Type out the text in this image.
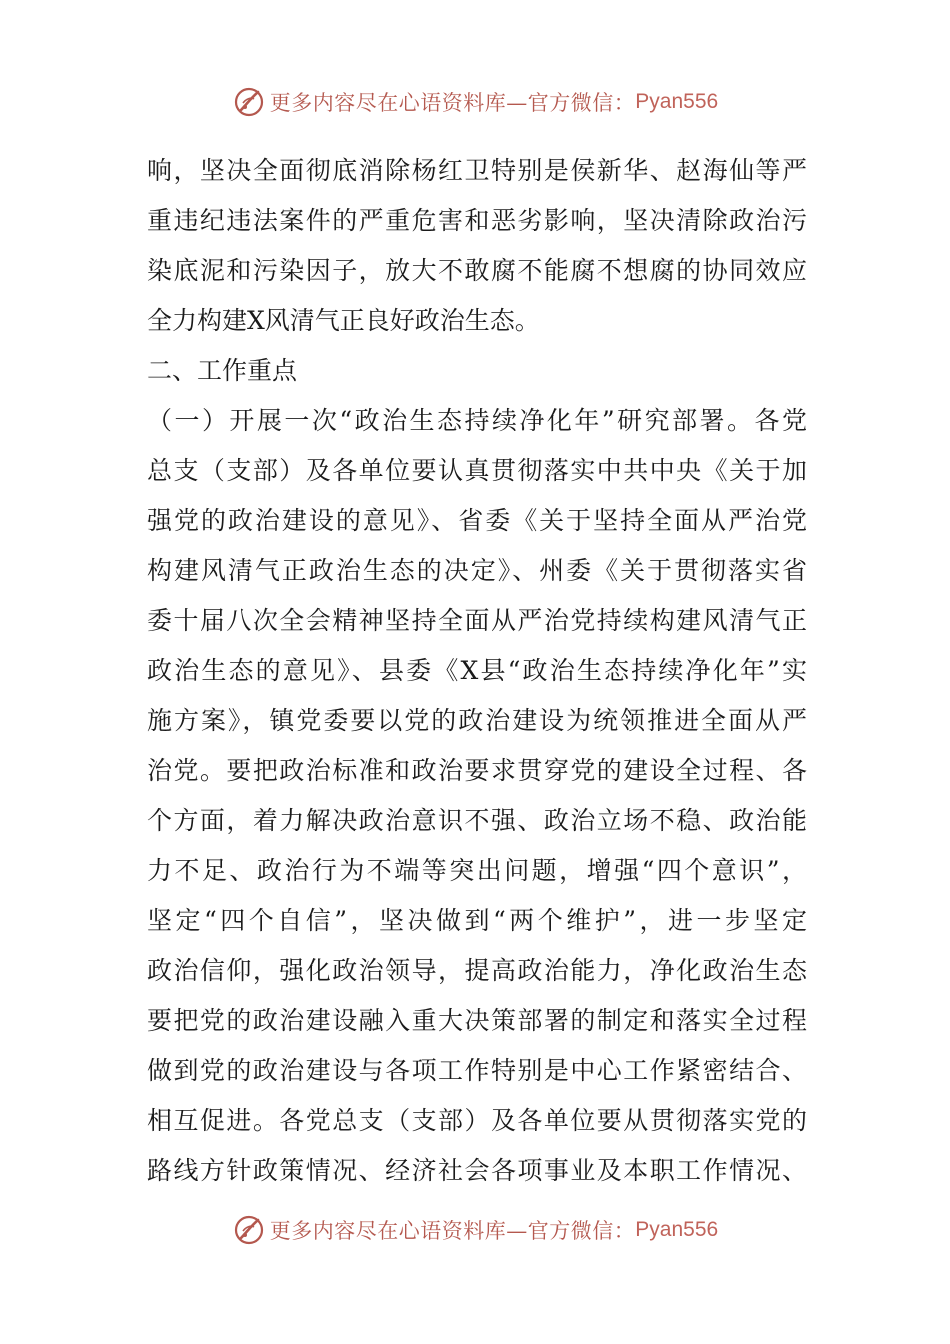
更多内容尽在心语资料库—官方微信： Pyan556
响，坚决全面彻底消除杨红卫特别是侯新华、赵海仙等严
重违纪违法案件的严重危害和恶劣影响，坚决清除政治污
染底泥和污染因子，放大不敢腐不能腐不想腐的协同效应
全力构建X风清气正良好政治生态。
二、工作重点
（一）开展一次“政治生态持续净化年”研究部署。各党
总支（支部）及各单位要认真贯彻落实中共中央《关于加
强党的政治建设的意见》、省委《关于坚持全面从严治党
构建风清气正政治生态的决定》、州委《关于贯彻落实省
委十届八次全会精神坚持全面从严治党持续构建风清气正
政治生态的意见》、县委《X县“政治生态持续净化年”实
施方案》，镇党委要以党的政治建设为统领推进全面从严
治党。要把政治标准和政治要求贯穿党的建设全过程、各
个方面，着力解决政治意识不强、政治立场不稳、政治能
力不足、政治行为不端等突出问题，增强“四个意识”，
坚定“四个自信”，坚决做到“两个维护”，进一步坚定
政治信仰，强化政治领导，提高政治能力，净化政治生态
要把党的政治建设融入重大决策部署的制定和落实全过程
做到党的政治建设与各项工作特别是中心工作紧密结合、
相互促进。各党总支（支部）及各单位要从贯彻落实党的
路线方针政策情况、经济社会各项事业及本职工作情况、
更多内容尽在心语资料库—官方微信： Pyan556
